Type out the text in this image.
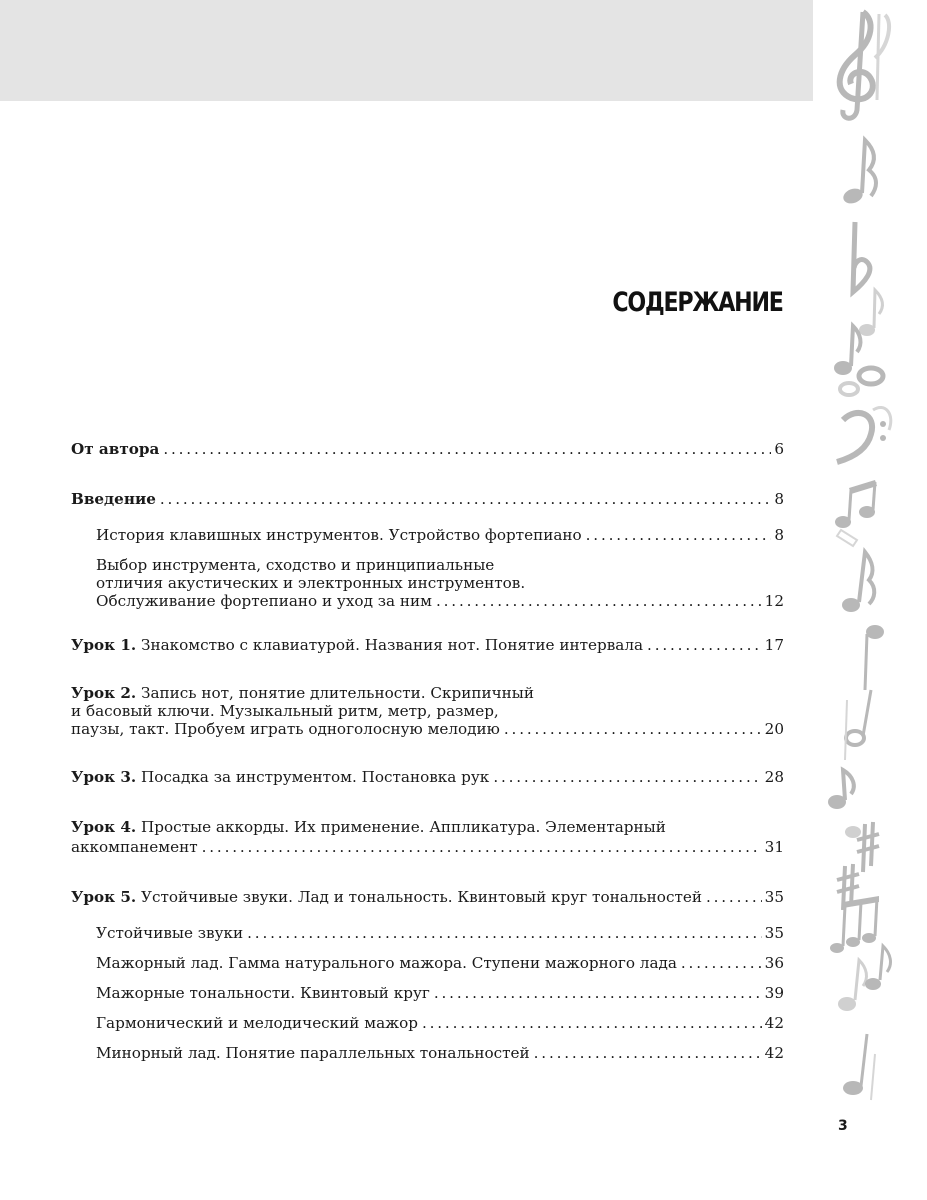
СОДЕРЖАНИЕ
От автора . . .	6
Введение . . .	8
История клавишных инструментов. Устройство фортепиано . . .	8
Выбор инструмента, сходство и принципиальные
отличия акустических и электронных инструментов.
Обслуживание фортепиано и уход за ним . . .	12
Урок 1. Знакомство с клавиатурой. Названия нот. Понятие интервала . . .	17
Урок 2. Запись нот, понятие длительности. Скрипичный
и басовый ключи. Музыкальный ритм, метр, размер,
паузы, такт. Пробуем играть одноголосную мелодию . . .	20
Урок 3. Посадка за инструментом. Постановка рук . . .	28
Урок 4. Простые аккорды. Их применение. Аппликатура. Элементарный
аккомпанемент . . .	31
Урок 5. Устойчивые звуки. Лад и тональность. Квинтовый круг тональностей . . .	35
Устойчивые звуки . . .	35
Мажорный лад. Гамма натурального мажора. Ступени мажорного лада . . .	36
Мажорные тональности. Квинтовый круг . . .	39
Гармонический и мелодический мажор . . .	42
Минорный лад. Понятие параллельных тональностей . . .	42
3
